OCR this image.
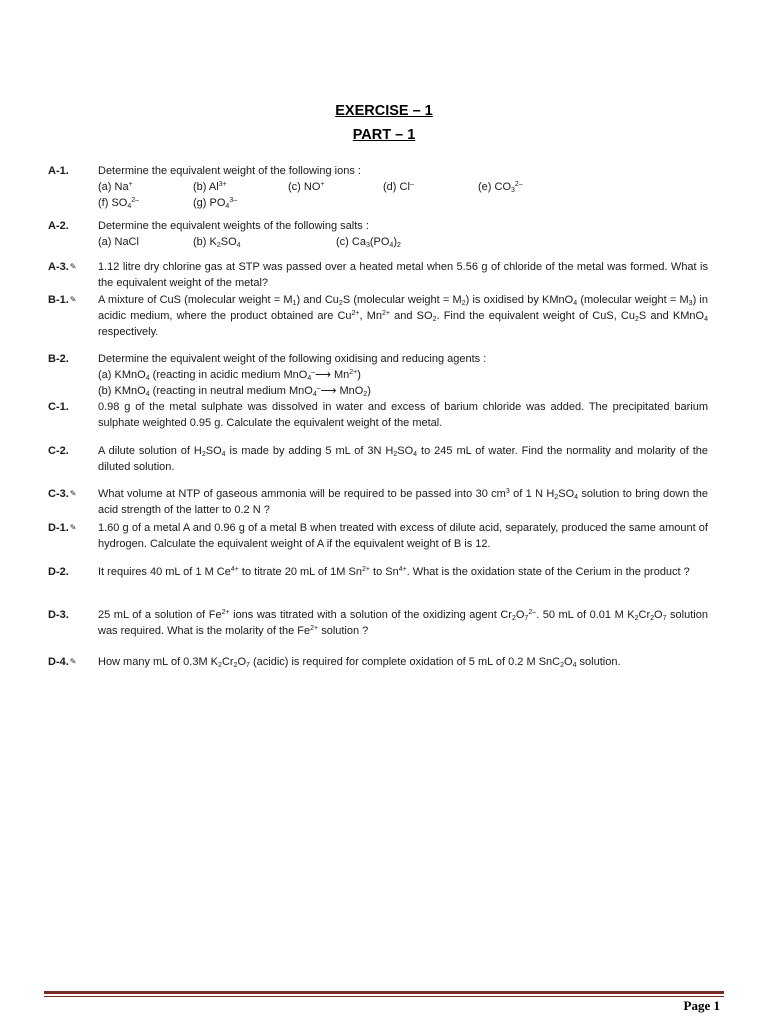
EXERCISE – 1
PART – 1
A-1.	Determine the equivalent weight of the following ions :
(a) Na+	(b) $Al^{3+}$	(c) NO+	(d) Cl–	(e) $CO_3^{2-}$
(f) $SO_4^{2-}$	(g) $PO_4^{3-}$
A-2.	Determine the equivalent weights of the following salts :
(a) NaCl	(b) $K_2SO_4$	(c) $Ca_3(PO_4)_2$
A-3.✎ 1.12 litre dry chlorine gas at STP was passed over a heated metal when 5.56 g of chloride of the metal was formed. What is the equivalent weight of the metal?
B-1.✎ A mixture of CuS (molecular weight = $M_1$) and $Cu_2S$ (molecular weight = $M_2$) is oxidised by KMnO$_4$ (molecular weight = $M_3$) in acidic medium, where the product obtained are $Cu^{2+}$, $Mn^{2+}$ and $SO_2$. Find the equivalent weight of CuS, $Cu_2S$ and KMnO$_4$ respectively.
B-2.	Determine the equivalent weight of the following oxidising and reducing agents :
(a) KMnO$_4$ (reacting in acidic medium MnO$_4$–⟶ $Mn^{2+}$)
(b) KMnO$_4$ (reacting in neutral medium MnO$_4$–⟶ MnO$_2$)
C-1.	0.98 g of the metal sulphate was dissolved in water and excess of barium chloride was added. The precipitated barium sulphate weighted 0.95 g. Calculate the equivalent weight of the metal.
C-2.	A dilute solution of $H_2SO_4$ is made by adding 5 mL of 3N $H_2SO_4$ to 245 mL of water. Find the normality and molarity of the diluted solution.
C-3.✎ What volume at NTP of gaseous ammonia will be required to be passed into 30 $cm^3$ of 1 N $H_2SO_4$ solution to bring down the acid strength of the latter to 0.2 N ?
D-1.✎ 1.60 g of a metal A and 0.96 g of a metal B when treated with excess of dilute acid, separately, produced the same amount of hydrogen. Calculate the equivalent weight of A if the equivalent weight of B is 12.
D-2.	It requires 40 mL of 1 M $Ce^{4+}$ to titrate 20 mL of 1M $Sn^{2+}$ to $Sn^{4+}$. What is the oxidation state of the Cerium in the product ?
D-3.	25 mL of a solution of $Fe^{2+}$ ions was titrated with a solution of the oxidizing agent $Cr_2O_7^{2-}$. 50 mL of 0.01 M $K_2Cr_2O_7$ solution was required. What is the molarity of the $Fe^{2+}$ solution ?
D-4.✎ How many mL of 0.3M $K_2Cr_2O_7$ (acidic) is required for complete oxidation of 5 mL of 0.2 M $SnC_2O_4$ solution.
Page 1
